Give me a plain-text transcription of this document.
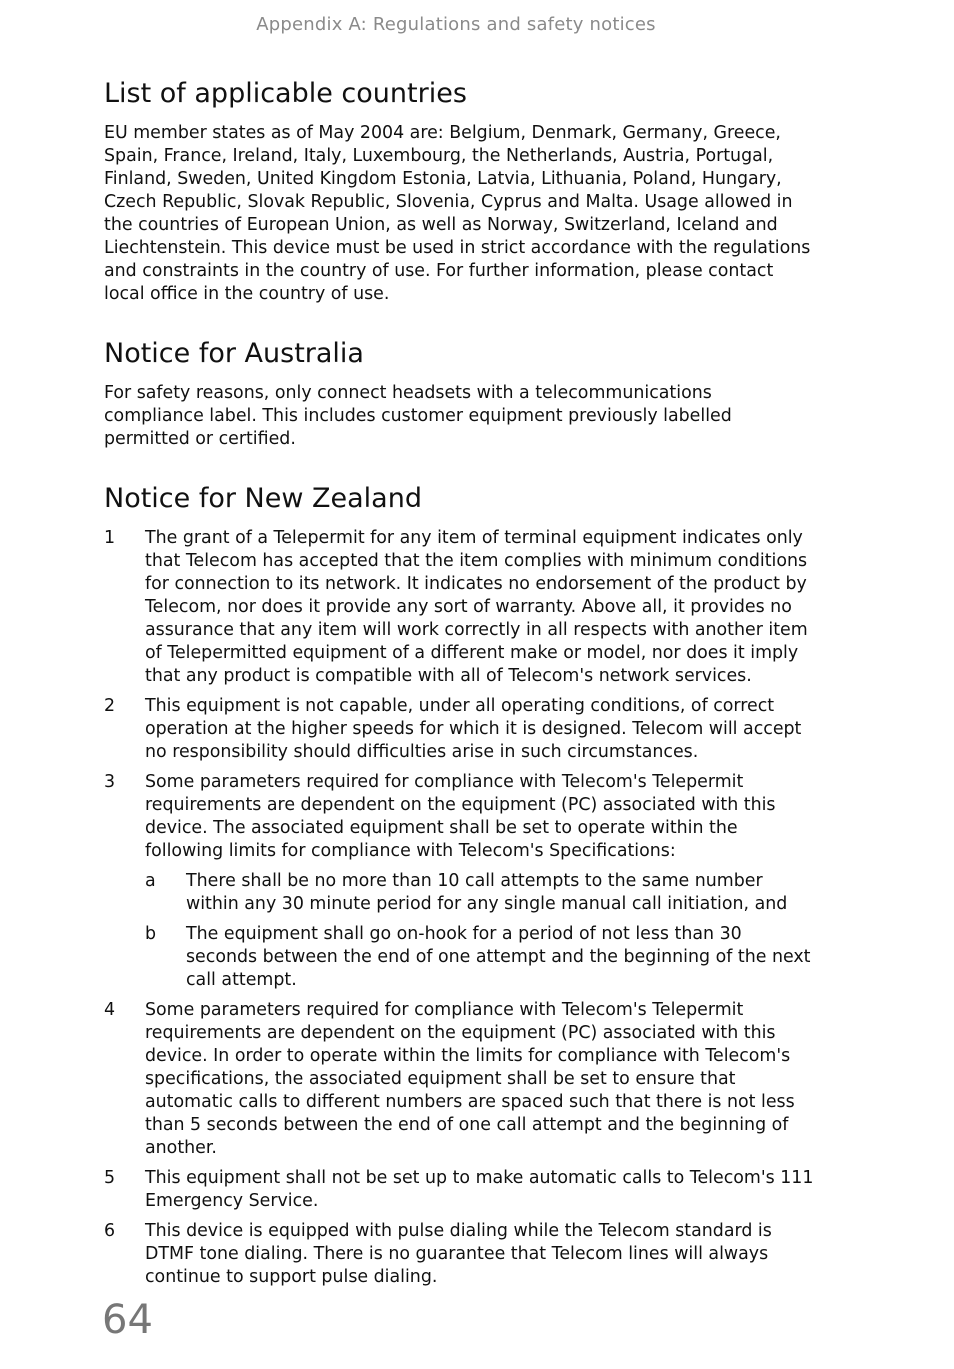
Appendix A: Regulations and safety notices
List of applicable countries

EU member states as of May 2004 are: Belgium, Denmark, Germany, Greece, Spain, France, Ireland, Italy, Luxembourg, the Netherlands, Austria, Portugal, Finland, Sweden, United Kingdom Estonia, Latvia, Lithuania, Poland, Hungary, Czech Republic, Slovak Republic, Slovenia, Cyprus and Malta. Usage allowed in the countries of European Union, as well as Norway, Switzerland, Iceland and Liechtenstein. This device must be used in strict accordance with the regulations and constraints in the country of use. For further information, please contact local office in the country of use.

Notice for Australia

For safety reasons, only connect headsets with a telecommunications compliance label. This includes customer equipment previously labelled permitted or certified.

Notice for New Zealand
1 The grant of a Telepermit for any item of terminal equipment indicates only that Telecom has accepted that the item complies with minimum conditions for connection to its network. It indicates no endorsement of the product by Telecom, nor does it provide any sort of warranty. Above all, it provides no assurance that any item will work correctly in all respects with another item of Telepermitted equipment of a different make or model, nor does it imply that any product is compatible with all of Telecom's network services.
2 This equipment is not capable, under all operating conditions, of correct operation at the higher speeds for which it is designed. Telecom will accept no responsibility should difficulties arise in such circumstances.
3 Some parameters required for compliance with Telecom's Telepermit requirements are dependent on the equipment (PC) associated with this device. The associated equipment shall be set to operate within the following limits for compliance with Telecom's Specifications:
a There shall be no more than 10 call attempts to the same number within any 30 minute period for any single manual call initiation, and
b The equipment shall go on-hook for a period of not less than 30 seconds between the end of one attempt and the beginning of the next call attempt.
4 Some parameters required for compliance with Telecom's Telepermit requirements are dependent on the equipment (PC) associated with this device. In order to operate within the limits for compliance with Telecom's specifications, the associated equipment shall be set to ensure that automatic calls to different numbers are spaced such that there is not less than 5 seconds between the end of one call attempt and the beginning of another.
5 This equipment shall not be set up to make automatic calls to Telecom's 111 Emergency Service.
6 This device is equipped with pulse dialing while the Telecom standard is DTMF tone dialing. There is no guarantee that Telecom lines will always continue to support pulse dialing.
64
